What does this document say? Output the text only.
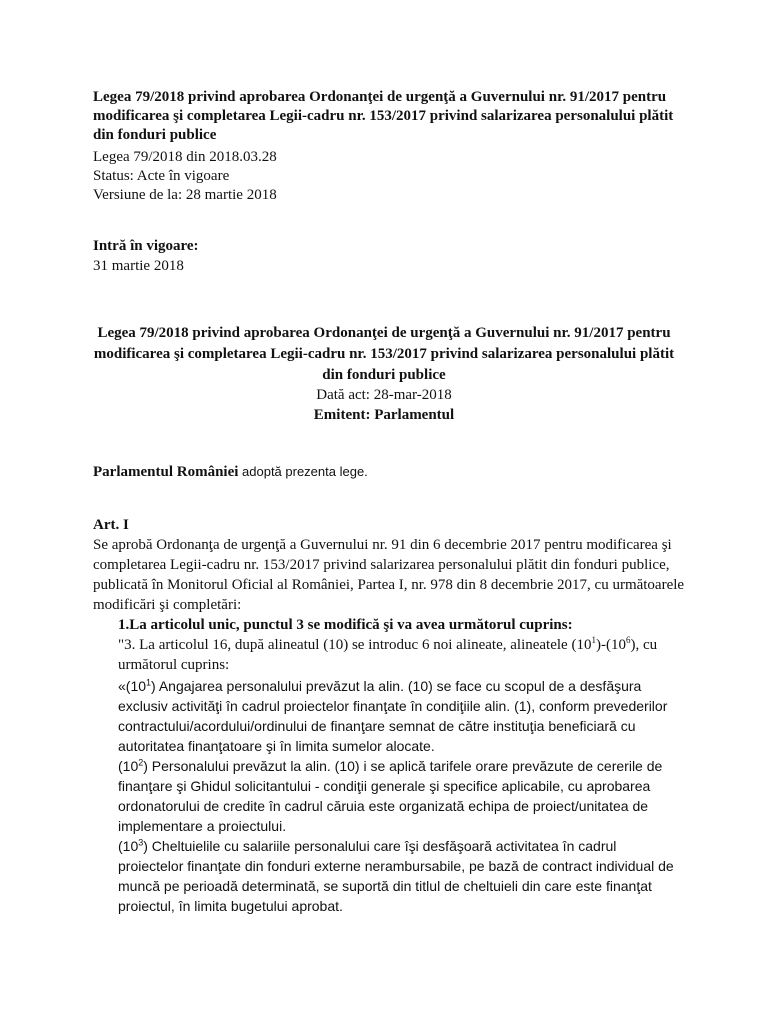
Legea 79/2018 privind aprobarea Ordonanţei de urgenţă a Guvernului nr. 91/2017 pentru modificarea şi completarea Legii-cadru nr. 153/2017 privind salarizarea personalului plătit din fonduri publice
Legea 79/2018 din 2018.03.28
Status: Acte în vigoare
Versiune de la: 28 martie 2018
Intră în vigoare:
31 martie 2018
Legea 79/2018 privind aprobarea Ordonanţei de urgenţă a Guvernului nr. 91/2017 pentru modificarea şi completarea Legii-cadru nr. 153/2017 privind salarizarea personalului plătit din fonduri publice
Dată act: 28-mar-2018
Emitent: Parlamentul
Parlamentul României adoptă prezenta lege.
Art. I
Se aprobă Ordonanţa de urgenţă a Guvernului nr. 91 din 6 decembrie 2017 pentru modificarea şi completarea Legii-cadru nr. 153/2017 privind salarizarea personalului plătit din fonduri publice, publicată în Monitorul Oficial al României, Partea I, nr. 978 din 8 decembrie 2017, cu următoarele modificări şi completări:
1.La articolul unic, punctul 3 se modifică şi va avea următorul cuprins:
"3. La articolul 16, după alineatul (10) se introduc 6 noi alineate, alineatele $(10^1)-(10^6)$, cu următorul cuprins:
«$(10^1)$ Angajarea personalului prevăzut la alin. (10) se face cu scopul de a desfăşura exclusiv activităţi în cadrul proiectelor finanţate în condiţiile alin. (1), conform prevederilor contractului/acordului/ordinului de finanţare semnat de către instituţia beneficiară cu autoritatea finanţatoare şi în limita sumelor alocate.
$(10^2)$ Personalului prevăzut la alin. (10) i se aplică tarifele orare prevăzute de cererile de finanţare şi Ghidul solicitantului - condiţii generale şi specifice aplicabile, cu aprobarea ordonatorului de credite în cadrul căruia este organizată echipa de proiect/unitatea de implementare a proiectului.
$(10^3)$ Cheltuielile cu salariile personalului care îşi desfăşoară activitatea în cadrul proiectelor finanţate din fonduri externe nerambursabile, pe bază de contract individual de muncă pe perioadă determinată, se suportă din titlul de cheltuieli din care este finanţat proiectul, în limita bugetului aprobat.
